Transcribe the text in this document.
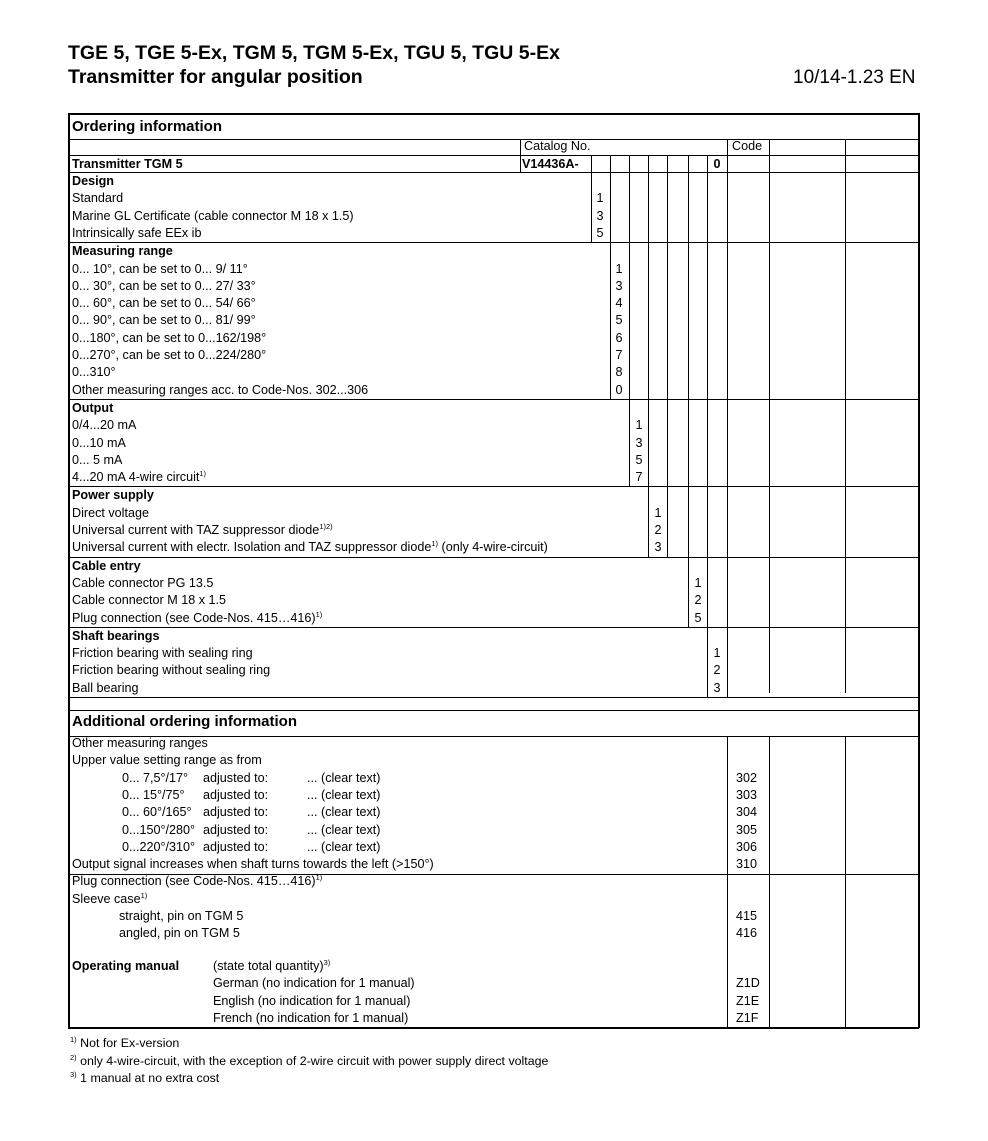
TGE 5, TGE 5-Ex, TGM 5, TGM 5-Ex, TGU 5, TGU 5-Ex
Transmitter for angular position	10/14-1.23 EN
Ordering information
Catalog No.	Code
Transmitter TGM 5	V14436A-	0
Design
Standard	1
Marine GL Certificate (cable connector M 18 x 1.5)	3
Intrinsically safe EEx ib	5
Measuring range
0... 10°, can be set to 0... 9/ 11°	1
0... 30°, can be set to 0... 27/ 33°	3
0... 60°, can be set to 0... 54/ 66°	4
0... 90°, can be set to 0... 81/ 99°	5
0...180°, can be set to 0...162/198°	6
0...270°, can be set to 0...224/280°	7
0...310°	8
Other measuring ranges acc. to Code-Nos. 302...306	0
Output
0/4...20 mA	1
0...10 mA	3
0... 5 mA	5
4...20 mA 4-wire circuit$^{1)}$	7
Power supply
Direct voltage	1
Universal current with TAZ suppressor diode$^{1)2)}$	2
Universal current with electr. Isolation and TAZ suppressor diode$^{1)}$ (only 4-wire-circuit)	3
Cable entry
Cable connector PG 13.5	1
Cable connector M 18 x 1.5	2
Plug connection (see Code-Nos. 415…416)$^{1)}$	5
Shaft bearings
Friction bearing with sealing ring	1
Friction bearing without sealing ring	2
Ball bearing	3
Additional ordering information
Other measuring ranges
Upper value setting range as from
0... 7,5°/17° adjusted to:	... (clear text)	302
0... 15°/75° adjusted to:	... (clear text)	303
0... 60°/165° adjusted to:	... (clear text)	304
0...150°/280° adjusted to:	... (clear text)	305
0...220°/310° adjusted to:	... (clear text)	306
Output signal increases when shaft turns towards the left (>150°)	310
Plug connection (see Code-Nos. 415…416)$^{1)}$
Sleeve case$^{1)}$
straight, pin on TGM 5	415
angled, pin on TGM 5	416
Operating manual	(state total quantity)$^{3)}$
German (no indication for 1 manual)	Z1D
English (no indication for 1 manual)	Z1E
French (no indication for 1 manual)	Z1F
$^{1)}$ Not for Ex-version
$^{2)}$ only 4-wire-circuit, with the exception of 2-wire circuit with power supply direct voltage
$^{3)}$ 1 manual at no extra cost
